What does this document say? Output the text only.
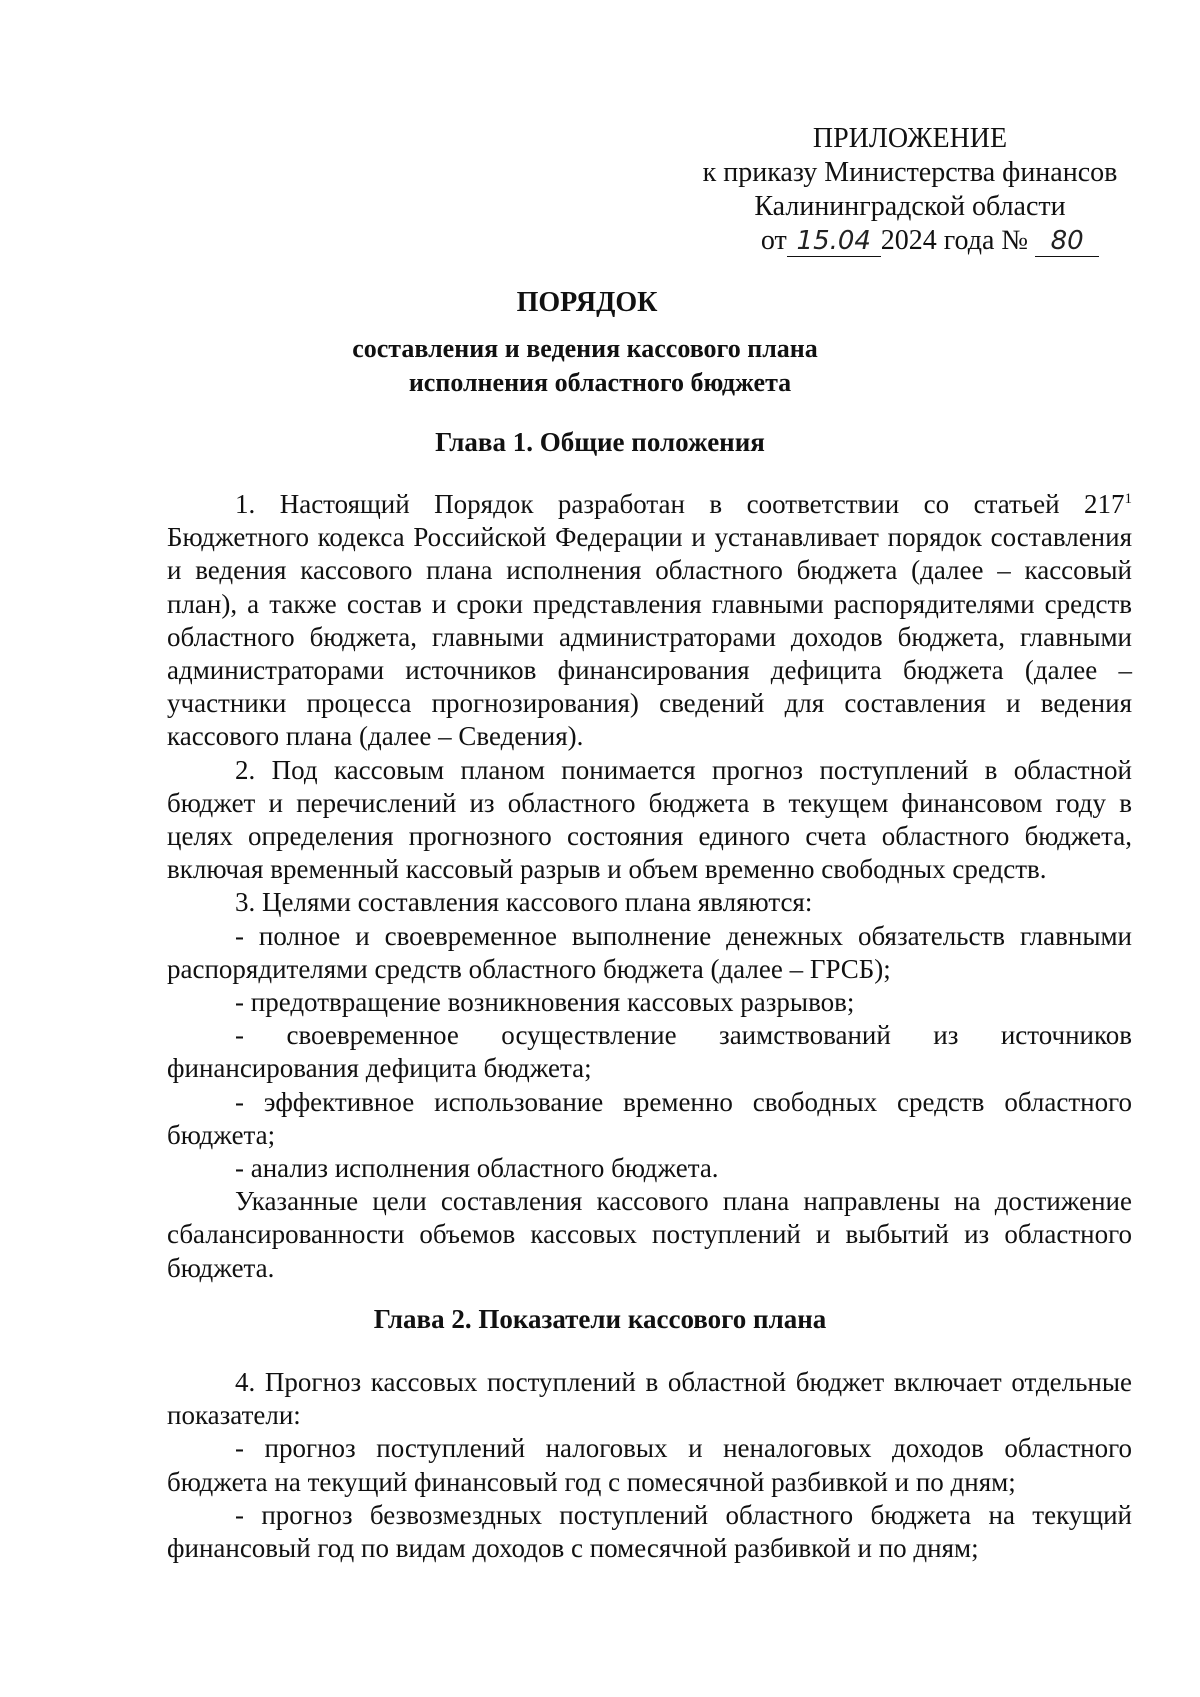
ПРИЛОЖЕНИЕ
к приказу Министерства финансов
Калининградской области
от 15.04 2024 года № 80
ПОРЯДОК
составления и ведения кассового плана
исполнения областного бюджета
Глава 1. Общие положения

1. Настоящий Порядок разработан в соответствии со статьей $217^1$ Бюджетного кодекса Российской Федерации и устанавливает порядок составления и ведения кассового плана исполнения областного бюджета (далее – кассовый план), а также состав и сроки представления главными распорядителями средств областного бюджета, главными администраторами доходов бюджета, главными администраторами источников финансирования дефицита бюджета (далее – участники процесса прогнозирования) сведений для составления и ведения кассового плана (далее – Сведения).

2. Под кассовым планом понимается прогноз поступлений в областной бюджет и перечислений из областного бюджета в текущем финансовом году в целях определения прогнозного состояния единого счета областного бюджета, включая временный кассовый разрыв и объем временно свободных средств.

3. Целями составления кассового плана являются:

- полное и своевременное выполнение денежных обязательств главными распорядителями средств областного бюджета (далее – ГРСБ);

- предотвращение возникновения кассовых разрывов;

- своевременное осуществление заимствований из источников финансирования дефицита бюджета;

- эффективное использование временно свободных средств областного бюджета;

- анализ исполнения областного бюджета.

Указанные цели составления кассового плана направлены на достижение сбалансированности объемов кассовых поступлений и выбытий из областного бюджета.

Глава 2. Показатели кассового плана

4. Прогноз кассовых поступлений в областной бюджет включает отдельные показатели:

- прогноз поступлений налоговых и неналоговых доходов областного бюджета на текущий финансовый год с помесячной разбивкой и по дням;

- прогноз безвозмездных поступлений областного бюджета на текущий финансовый год по видам доходов с помесячной разбивкой и по дням;
